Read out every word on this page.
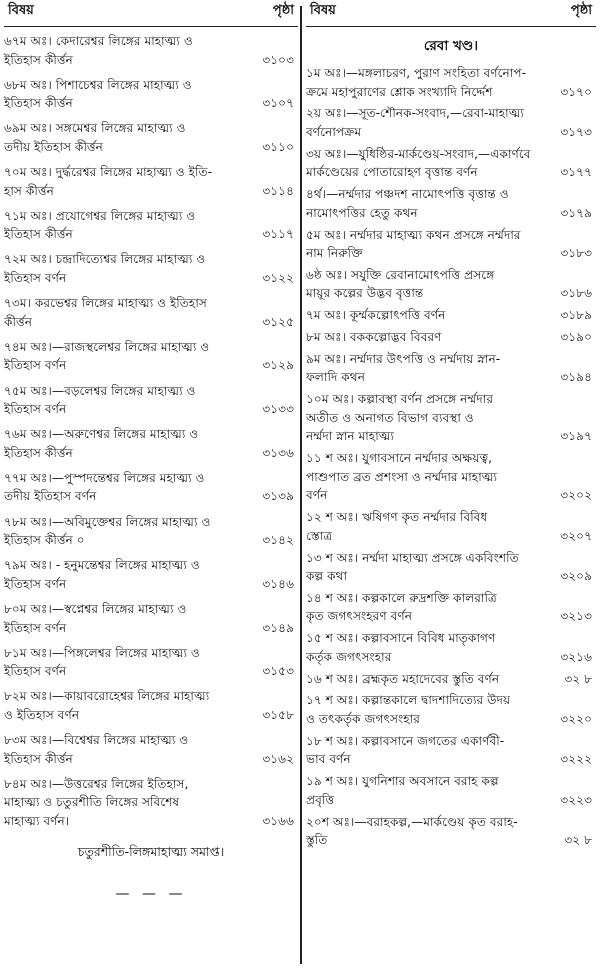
বিষয়	পৃষ্ঠা
৬৭ম অঃ। কেদারেশ্বর লিঙ্গের মাহাত্ম্য ও
ইতিহাস কীর্ত্তন	৩১০৩
৬৮ম অঃ। পিশাচেশ্বর লিঙ্গের মাহাত্ম্য ও
ইতিহাস কীর্ত্তন	৩১০৭
৬৯ম অঃ। সঙ্গমেশ্বর লিঙ্গের মাহাত্ম্য ও
তদীয় ইতিহাস কীর্ত্তন	৩১১০
৭০ম অঃ। দুর্দ্ধরেশ্বর লিঙ্গের মাহাত্ম্য ও ইতি-
হাস কীর্ত্তন	৩১১৪
৭১ম অঃ। প্রযোগেশ্বর লিঙ্গের মাহাত্ম্য ও
ইতিহাস কীর্ত্তন	৩১১৭
৭২ম অঃ। চন্দ্রাদিত্যেশ্বর লিঙ্গের মাহাত্ম্য ও
ইতিহাস বর্ণন	৩১২২
৭৩ম। করভেশ্বর লিঙ্গের মাহাত্ম্য ও ইতিহাস
কীর্ত্তন	৩১২৫
৭৪ম অঃ।—রাজস্থলেশ্বর লিঙ্গের মাহাত্ম্য ও
ইতিহাস বর্ণন	৩১২৯
৭৫ম অঃ।—বড়লেশ্বর লিঙ্গের মাহাত্ম্য ও
ইতিহাস বর্ণন	৩১৩৩
৭৬ম অঃ।—অরুণেশ্বর লিঙ্গের মাহাত্ম্য ও
ইতিহাস কীর্ত্তন	৩১৩৬
৭৭ম অঃ।—পুস্পদন্তেশ্বর লিঙ্গের মহাত্ম্য ও
তদীয় ইতিহাস বর্ণন	৩১৩৯
৭৮ম অঃ।—অবিমুক্তেশ্বর লিঙ্গের মাহাত্ম্য ও
ইতিহাস কীর্ত্তন ০	৩১৪২
৭৯ম অঃ। - হনুমন্তেশ্বর লিঙ্গের মাহাত্ম্য ও
ইতিহাস বর্ণন	৩১৪৬
৮০ম অঃ।—স্বপ্নেশ্বর লিঙ্গের মাহাত্ম্য ও
ইতিহাস বর্ণন	৩১৪৯
৮১ম অঃ।—পিঙ্গলেশ্বর লিঙ্গের মাহাত্ম্য ও
ইতিহাস বর্ণন	৩১৫৩
৮২ম অঃ।—কায়াবরোহেশ্বর লিঙ্গের মাহাত্ম্য
ও ইতিহাস বর্ণন	৩১৫৮
৮৩ম অঃ।—বিশ্বেশ্বর লিঙ্গের মাহাত্ম্য ও
ইতিহাস কীর্ত্তন	৩১৬২
৮৪ম অঃ।—উত্তরেশ্বর লিঙ্গের ইতিহাস,
মাহাত্ম্য ও চতুরশীতি লিঙ্গের সবিশেষ
মাহাত্ম্য বর্ণন।	৩১৬৬
চতুরশীতি-লিঙ্গমাহাত্ম্য সমাপ্ত।
— — —
বিষয়	পৃষ্ঠা
রেবা খণ্ড।
১ম অঃ।—মঙ্গলাচরণ, পুরাণ সংহিতা বর্ণনোপ-
ক্রমে মহাপুরাণের শ্লোক সংখ্যাদি নির্দ্দেশ	৩১৭০
২য় অঃ।—সূত-শৌনক-সংবাদ,—রেবা-মাহাত্ম্য
বর্ণনোপক্রম	৩১৭৩
৩য় অঃ।—যুধিষ্ঠির-মার্কণ্ডেয়-সংবাদ,—একার্ণবে
মার্কণ্ডেয়ের পোতারোহণ বৃত্তান্ত বর্ণন	৩১৭৭
৪র্থ।—নর্ম্মদার পঞ্চদশ নামোৎপত্তি বৃত্তান্ত ও
নামোৎপত্তির হেতু কথন	৩১৭৯
৫ম অঃ। নর্ম্মদার মাহাত্ম্য কথন প্রসঙ্গে নর্ম্মদার
নাম নিরুক্তি	৩১৮৩
৬ষ্ঠ অঃ। সযুক্তি রেবানামোৎপত্তি প্রসঙ্গে
মায়ূর কল্পের উদ্ভব বৃত্তান্ত	৩১৮৬
৭ম অঃ। কূর্ম্মকল্পোৎপত্তি বর্ণন	৩১৮৯
৮ম অঃ। বককল্পোদ্ভব বিবরণ	৩১৯০
৯ম অঃ। নর্ম্মদার উৎপত্তি ও নর্ম্মদায় স্নান-
ফলাদি কথন	৩১৯৪
১০ম অঃ। কল্পাবস্থা বর্ণন প্রসঙ্গে নর্ম্মদার
অতীত ও অনাগত বিভাগ ব্যবস্থা ও
নর্ম্মদা স্নান মাহাত্ম্য	৩১৯৭
১১ শ অঃ। যুগাবসানে নর্ম্মদার অক্ষয়ত্ব,
পাশুপাত ব্রত প্রশংসা ও নর্ম্মদার মাহাত্ম্য
বর্ণন	৩২০২
১২ শ অঃ। ঋষিগণ কৃত নর্ম্মদার বিবিধ
স্তোত্র	৩২০৭
১৩ শ অঃ। নর্ম্মদা মাহাত্ম্য প্রসঙ্গে একবিংশতি
কল্প কথা	৩২০৯
১৪ শ অঃ। কল্পকালে রুদ্রশক্তি কালরাত্রি
কৃত জগৎসংহরণ বর্ণন	৩২১৩
১৫ শ অঃ। কল্পাবসানে বিবিধ মাতৃকাগণ
কর্তৃক জগৎসংহার	৩২১৬
১৬ শ অঃ। ব্রহ্মকৃত মহাদেবের স্তুতি বর্ণন	৩২ ৮
১৭ শ অঃ। কল্পান্তকালে দ্বাদশাদিত্যের উদয়
ও তৎকর্তৃক জগৎসংহার	৩২২০
১৮ শ অঃ। কল্পাবসানে জগতের একার্ণবী-
ভাব বর্ণন	৩২২২
১৯ শ অঃ। যুগনিশার অবসানে বরাহ কল্প
প্রবৃত্তি	৩২২৩
২০শ অঃ।—বরাহকল্প,—মার্কণ্ডেয় কৃত বরাহ-
স্তুতি	৩২ ৮
